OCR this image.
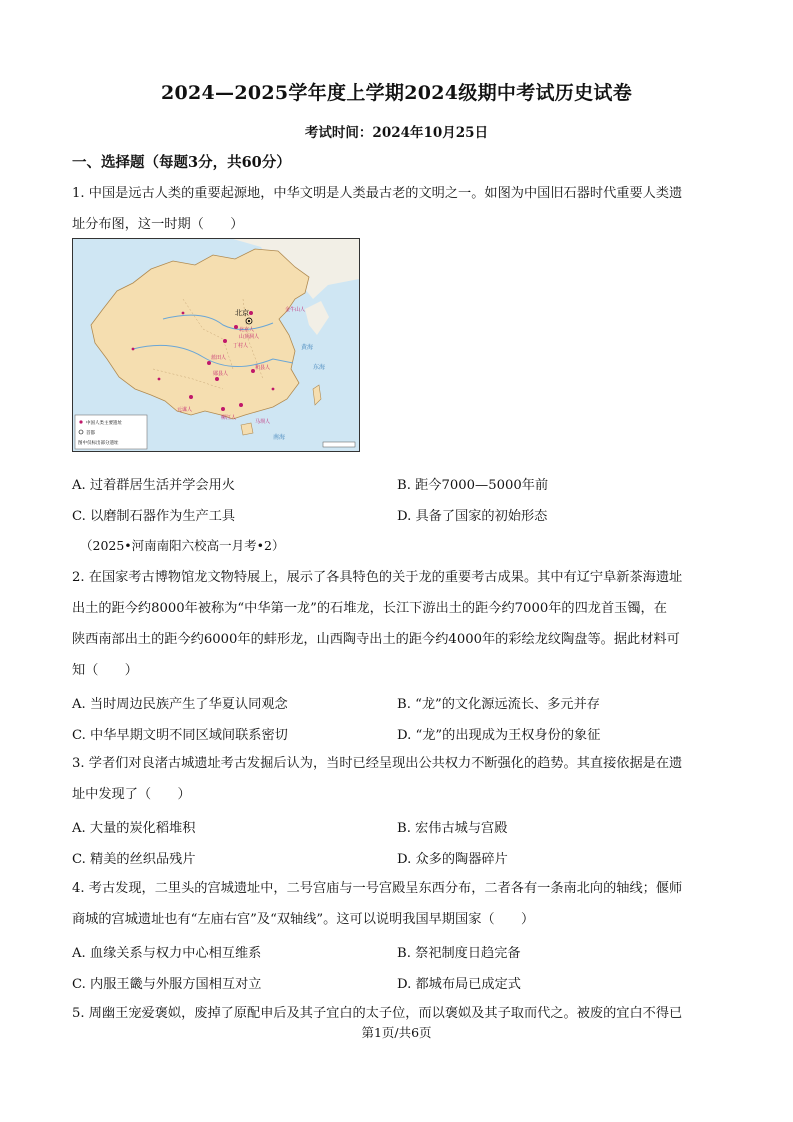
2024—2025学年度上学期2024级期中考试历史试卷
考试时间：2024年10月25日
一、选择题（每题3分，共60分）
1. 中国是远古人类的重要起源地，中华文明是人类最古老的文明之一。如图为中国旧石器时代重要人类遗
址分布图，这一时期（　　）
北京	金牛山人
北京人
山顶洞人
丁村人
蓝田人
郧县人
和县人
元谋人
马坝人
柳江人
黄海
东海
南海
中国人类主要遗址
首都
图中仅标出部分遗址
A. 过着群居生活并学会用火	B. 距今7000—5000年前
C. 以磨制石器作为生产工具	D. 具备了国家的初始形态
（2025•河南南阳六校高一月考•2）
2. 在国家考古博物馆龙文物特展上，展示了各具特色的关于龙的重要考古成果。其中有辽宁阜新茶海遗址
出土的距今约8000年被称为“中华第一龙”的石堆龙，长江下游出土的距今约7000年的四龙首玉镯，在
陕西南部出土的距今约6000年的蚌形龙，山西陶寺出土的距今约4000年的彩绘龙纹陶盘等。据此材料可
知（　　）
A. 当时周边民族产生了华夏认同观念	B. “龙”的文化源远流长、多元并存
C. 中华早期文明不同区域间联系密切	D. “龙”的出现成为王权身份的象征
3. 学者们对良渚古城遗址考古发掘后认为，当时已经呈现出公共权力不断强化的趋势。其直接依据是在遗
址中发现了（　　）
A. 大量的炭化稻堆积	B. 宏伟古城与宫殿
C. 精美的丝织品残片	D. 众多的陶器碎片
4. 考古发现，二里头的宫城遗址中，二号宫庙与一号宫殿呈东西分布，二者各有一条南北向的轴线；偃师
商城的宫城遗址也有“左庙右宫”及“双轴线”。这可以说明我国早期国家（　　）
A. 血缘关系与权力中心相互维系	B. 祭祀制度日趋完备
C. 内服王畿与外服方国相互对立	D. 都城布局已成定式
5. 周幽王宠爱褒姒，废掉了原配申后及其子宜白的太子位，而以褒姒及其子取而代之。被废的宜白不得已
第1页/共6页
